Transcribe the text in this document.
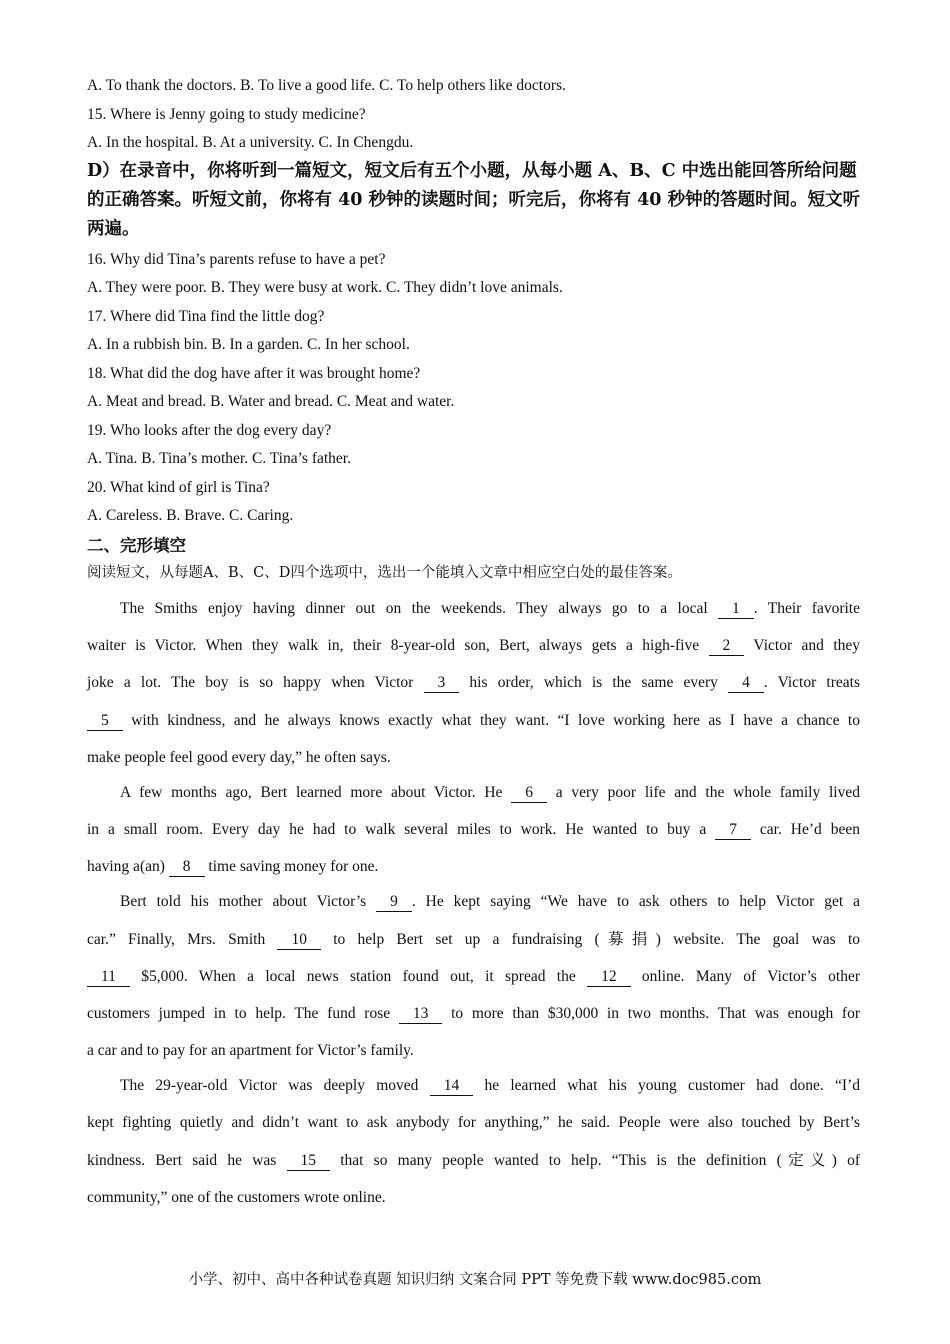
A. To thank the doctors. B. To live a good life. C. To help others like doctors.

15. Where is Jenny going to study medicine?

A. In the hospital. B. At a university. C. In Chengdu.

D）在录音中，你将听到一篇短文，短文后有五个小题，从每小题 A、B、C 中选出能回答所给问题的正确答案。听短文前，你将有 40 秒钟的读题时间；听完后，你将有 40 秒钟的答题时间。短文听两遍。

16. Why did Tina’s parents refuse to have a pet?

A. They were poor. B. They were busy at work. C. They didn’t love animals.

17. Where did Tina find the little dog?

A. In a rubbish bin. B. In a garden. C. In her school.

18. What did the dog have after it was brought home?

A. Meat and bread. B. Water and bread. C. Meat and water.

19. Who looks after the dog every day?

A. Tina. B. Tina’s mother. C. Tina’s father.

20. What kind of girl is Tina?

A. Careless. B. Brave. C. Caring.

二、完形填空

阅读短文，从每题A、B、C、D四个选项中，选出一个能填入文章中相应空白处的最佳答案。

The Smiths enjoy having dinner out on the weekends. They always go to a local 1 . Their favorite

waiter is Victor. When they walk in, their 8-year-old son, Bert, always gets a high-five 2 Victor and they

joke a lot. The boy is so happy when Victor 3 his order, which is the same every 4 . Victor treats

5 with kindness, and he always knows exactly what they want. “I love working here as I have a chance to

make people feel good every day,” he often says.

A few months ago, Bert learned more about Victor. He 6 a very poor life and the whole family lived

in a small room. Every day he had to walk several miles to work. He wanted to buy a 7 car. He’d been

having a(an) 8 time saving money for one.

Bert told his mother about Victor’s 9 . He kept saying “We have to ask others to help Victor get a

car.” Finally, Mrs. Smith 10 to help Bert set up a fundraising (募捐) website. The goal was to

11 $5,000. When a local news station found out, it spread the 12 online. Many of Victor’s other

customers jumped in to help. The fund rose 13 to more than $30,000 in two months. That was enough for

a car and to pay for an apartment for Victor’s family.

The 29-year-old Victor was deeply moved 14 he learned what his young customer had done. “I’d

kept fighting quietly and didn’t want to ask anybody for anything,” he said. People were also touched by Bert’s

kindness. Bert said he was 15 that so many people wanted to help. “This is the definition (定义) of

community,” one of the customers wrote online.

小学、初中、高中各种试卷真题 知识归纳 文案合同 PPT 等免费下载 www.doc985.com
